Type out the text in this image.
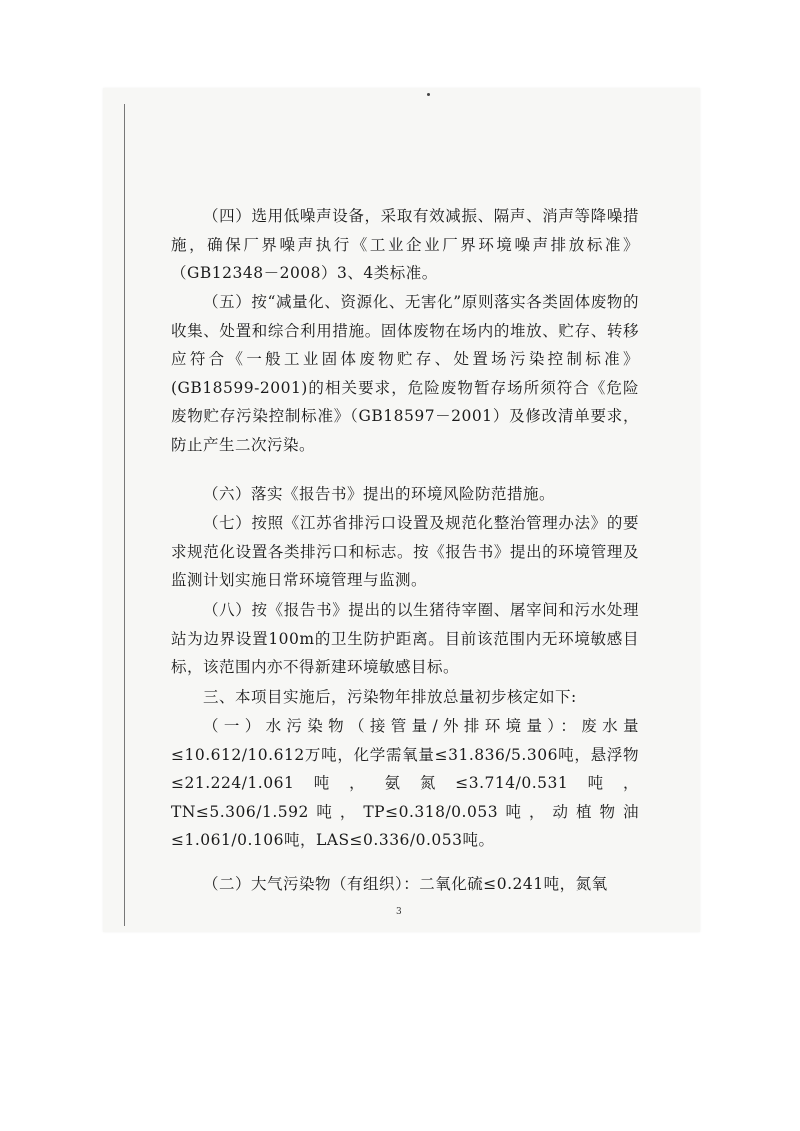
（四）选用低噪声设备，采取有效减振、隔声、消声等降噪措施，确保厂界噪声执行《工业企业厂界环境噪声排放标准》（GB12348－2008）3、4类标准。

（五）按“减量化、资源化、无害化”原则落实各类固体废物的收集、处置和综合利用措施。固体废物在场内的堆放、贮存、转移应符合《一般工业固体废物贮存、处置场污染控制标准》(GB18599-2001)的相关要求，危险废物暂存场所须符合《危险废物贮存污染控制标准》（GB18597－2001）及修改清单要求，防止产生二次污染。

（六）落实《报告书》提出的环境风险防范措施。

（七）按照《江苏省排污口设置及规范化整治管理办法》的要求规范化设置各类排污口和标志。按《报告书》提出的环境管理及监测计划实施日常环境管理与监测。

（八）按《报告书》提出的以生猪待宰圈、屠宰间和污水处理站为边界设置100m的卫生防护距离。目前该范围内无环境敏感目标，该范围内亦不得新建环境敏感目标。

三、本项目实施后，污染物年排放总量初步核定如下:

（一）水污染物（接管量/外排环境量）：废水量≤10.612/10.612万吨，化学需氧量≤31.836/5.306吨，悬浮物≤21.224/1.061吨，氨氮≤3.714/0.531吨，TN≤5.306/1.592吨，TP≤0.318/0.053吨，动植物油≤1.061/0.106吨，LAS≤0.336/0.053吨。

（二）大气污染物（有组织）：二氧化硫≤0.241吨，氮氧

3
